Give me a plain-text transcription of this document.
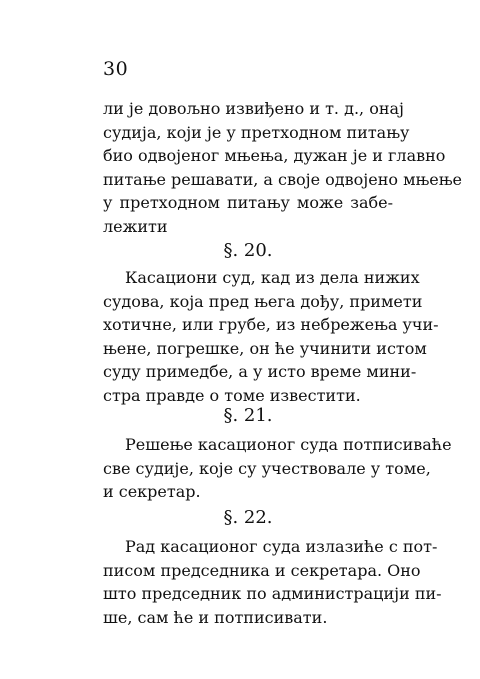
30
ли је довољно извиђено и т. д., онај
судија, који је у претходном питању
био одвојеног мњења, дужан је и главно
питање решавати, а своје одвојено мњење
у претходном питању може забе-
лежити
§. 20.
Касациони суд, кад из дела нижих
судова, која пред њега дођу, примети
хотичне, или грубе, из небрежења учи-
њене, погрешке, он ће учинити истом
суду примедбе, а у исто време мини-
стра правде о томе известити.
§. 21.
Решење касационог суда потписиваће
све судије, које су учествовале у томе,
и секретар.
§. 22.
Рад касационог суда излазиће с пот-
писом председника и секретара. Оно
што председник по администрацији пи-
ше, сам ће и потписивати.
